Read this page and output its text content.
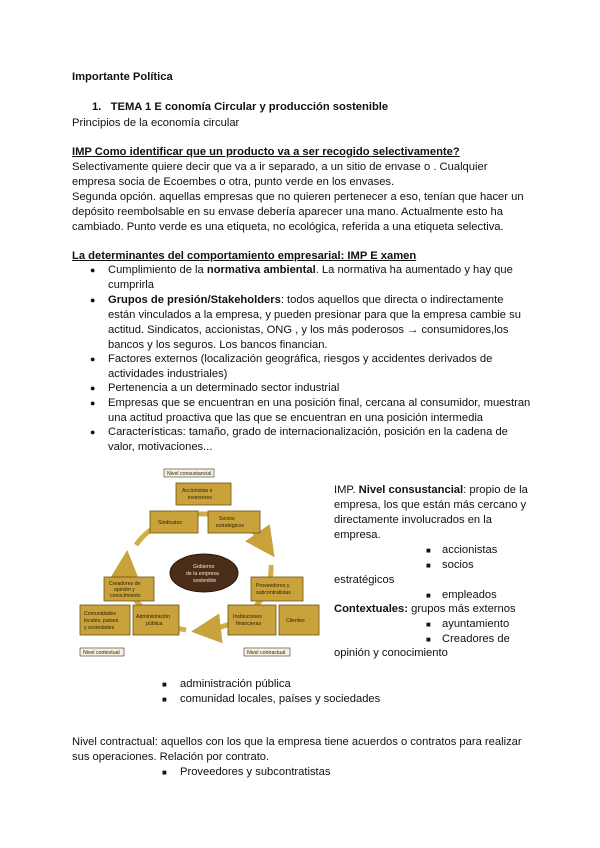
Importante Política
1. TEMA 1 E conomía Circular y producción sostenible
Principios de la economía circular
IMP Como identificar que un producto va a ser recogido selectivamente?
Selectivamente quiere decir que va a ir separado, a un sitio de envase o . Cualquier
empresa socia de Ecoembes o otra, punto verde en los envases.
Segunda opción. aquellas empresas que no quieren pertenecer a eso, tenían que hacer un
depósito reembolsable en su envase debería aparecer una mano. Actualmente esto ha
cambiado. Punto verde es una etiqueta, no ecológica, referida a una etiqueta selectiva.
La determinantes del comportamiento empresarial: IMP E xamen
● Cumplimiento de la normativa ambiental. La normativa ha aumentado y hay que
cumprirla
● Grupos de presión/Stakeholders: todos aquellos que directa o indirectamente
están vinculados a la empresa, y pueden presionar para que la empresa cambie su
actitud. Sindicatos, accionistas, ONG , y los más poderosos → consumidores,los
bancos y los seguros. Los bancos financian.
● Factores externos (localización geográfica, riesgos y accidentes derivados de
actividades industriales)
● Pertenencia a un determinado sector industrial
● Empresas que se encuentran en una posición final, cercana al consumidor, muestran
una actitud proactiva que las que se encuentran en una posición intermedia
● Características: tamaño, grado de internacionalización, posición en la cadena de
valor, motivaciones...
Nivel consustancial
Accionistas e
inversores
Sindicatos
Socios
estratégicos
Gobierno
de la empresa
sostenible
Creadores de
opinión y
conocimiento
Comunidades
locales, países
y sociedades
Administración
pública
Proveedores y
subcontratistas
Instituciones
financieras	Clientes
Nivel contextual	Nivel contractual
IMP. Nivel consustancial: propio de la
empresa, los que están más cercano y
directamente involucrados en la
empresa.
■ accionistas
■ socios
estratégicos
■ empleados
Contextuales: grupos más externos
■ ayuntamiento
■ Creadores de
opinión y conocimiento
■ administración pública
■ comunidad locales, países y sociedades
Nivel contractual: aquellos con los que la empresa tiene acuerdos o contratos para realizar
sus operaciones. Relación por contrato.
■ Proveedores y subcontratistas
